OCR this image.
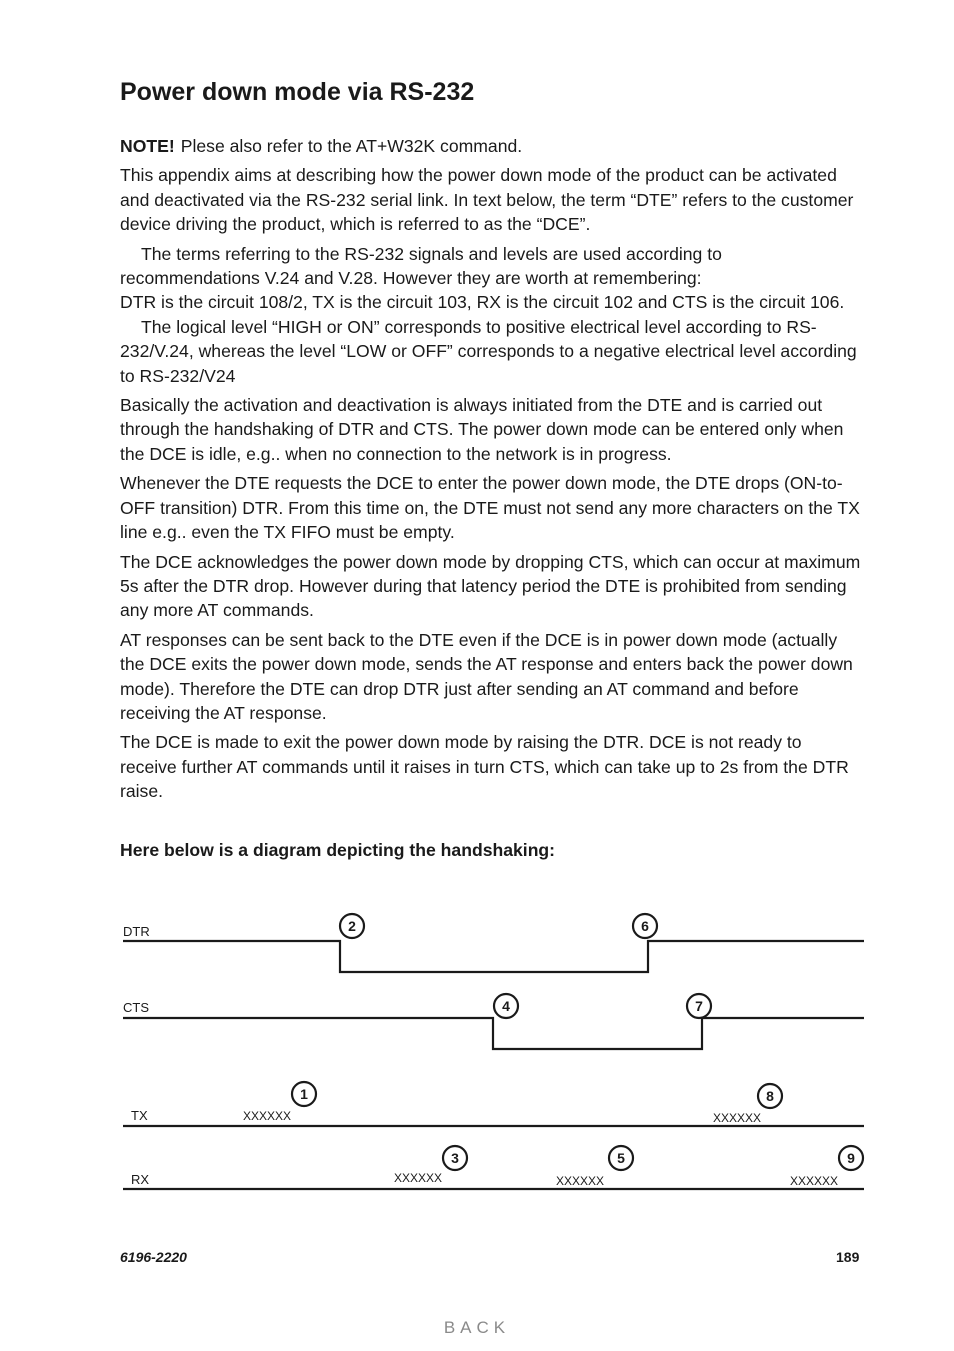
Power down mode via RS-232

NOTE! Plese also refer to the AT+W32K command.

This appendix aims at describing how the power down mode of the product can be activated and deactivated via the RS-232 serial link. In text below, the term “DTE” refers to the customer device driving the product, which is referred to as the “DCE”.

The terms referring to the RS-232 signals and levels are used according to recommendations V.24 and V.28. However they are worth at remembering:

DTR is the circuit 108/2, TX is the circuit 103, RX is the circuit 102 and CTS is the circuit 106.

The logical level “HIGH or ON” corresponds to positive electrical level according to RS-232/V.24, whereas the level “LOW or OFF” corresponds to a negative electrical level according to RS-232/V24

Basically the activation and deactivation is always initiated from the DTE and is carried out through the handshaking of DTR and CTS. The power down mode can be entered only when the DCE is idle, e.g.. when no connection to the network is in progress.

Whenever the DTE requests the DCE to enter the power down mode, the DTE drops (ON-to-OFF transition) DTR. From this time on, the DTE must not send any more characters on the TX line e.g.. even the TX FIFO must be empty.

The DCE acknowledges the power down mode by dropping CTS, which can occur at maximum 5s after the DTR drop. However during that latency period the DTE is prohibited from sending any more AT commands.

AT responses can be sent back to the DTE even if the DCE is in power down mode (actually the DCE exits the power down mode, sends the AT response and enters back the power down mode). Therefore the DTE can drop DTR just after sending an AT command and before receiving the AT response.

The DCE is made to exit the power down mode by raising the DTR. DCE is not ready to receive further AT commands until it raises in turn CTS, which can take up to 2s from the DTR raise.

Here below is a diagram depicting the handshaking:
DTR
CTS
TX
RX
XXXXXX	XXXXXX
XXXXXX	XXXXXX	XXXXXX
1
2
3
4
5
6
7
8
9
6196-2220	189
BACK
